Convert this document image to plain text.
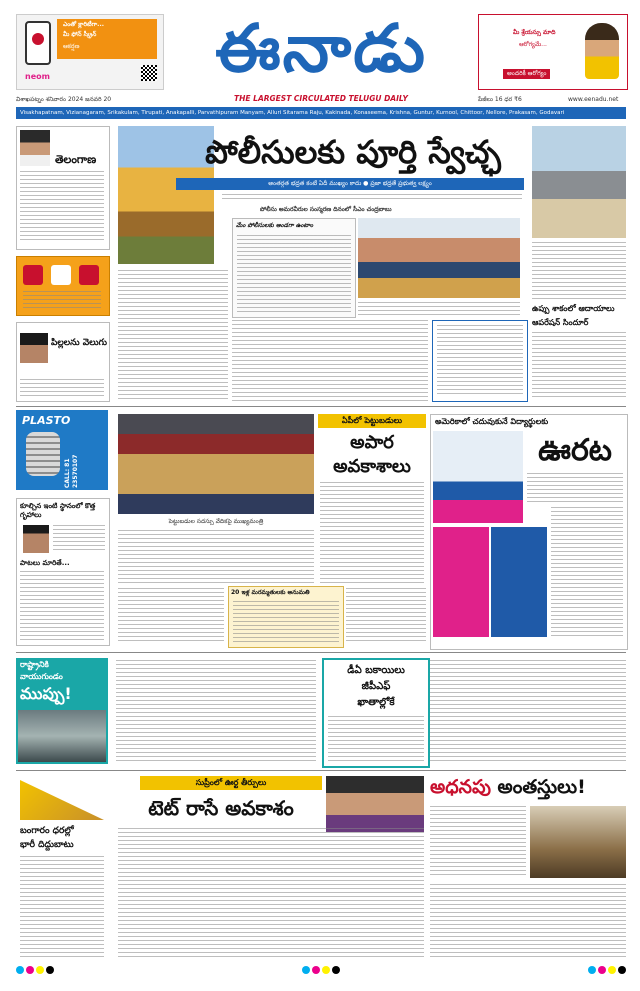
ఎంతో క్లారిటీగా...
మీ ఫోన్ స్క్రీన్
ఆకర్షణ
neom	ఈనాడు
THE LARGEST CIRCULATED TELUGU DAILY
మీ శ్రేయస్సు మాది
ఆరోగ్యమే...
అందరికీ ఆరోగ్యం
విశాఖపట్నం శనివారం 2024 జనవరి 20	పేజీలు 16 ధర ₹6	www.eenadu.net
Visakhapatnam, Vizianagaram, Srikakulam, Tirupati, Anakapalli, Parvathipuram Manyam, Alluri Sitarama Raju, Kakinada, Konaseema, Krishna, Guntur, Kurnool, Chittoor, Nellore, Prakasam, Godavari
తెలంగాణ
పిల్లలను వెలుగు
PLASTO
CALL: 81 23570107
కూల్చిన ఇంటి స్థానంలో కొత్త గృహాలు
పాటలు మారితే...
పోలీసులకు పూర్తి స్వేచ్ఛ
అంతర్గత భద్రత కంటే ఏదీ ముఖ్యం కాదు ● ప్రజా భద్రతే ప్రభుత్వ లక్ష్యం
పోలీసు అమరవీరుల సంస్మరణ దినంలో సీఎం చంద్రబాబు
మేం పోలీసులకు అండగా ఉంటాం
ఉప్పు శాకంలో ఆదాయాలు
ఆపరేషన్ సిందూర్
పెట్టుబడుల సదస్సు వేదికపై ముఖ్యమంత్రి
20 ఇళ్ల మరమ్మతులకు అనుమతి
ఏపీలో పెట్టుబడులు
అపార
అవకాశాలు
అమెరికాలో చదువుకునే విద్యార్థులకు
ఊరట
రాష్ట్రానికి
వాయుగుండం
ముప్పు!
డీఏ బకాయిలు
జీపీఎఫ్
ఖాతాల్లోకే
బంగారం ధరల్లో
భారీ దిద్దుబాటు
సుప్రీంలో ఊర్ట తీర్పులు
టెట్ రాసే అవకాశం
అధనపు అంతస్తులు!
